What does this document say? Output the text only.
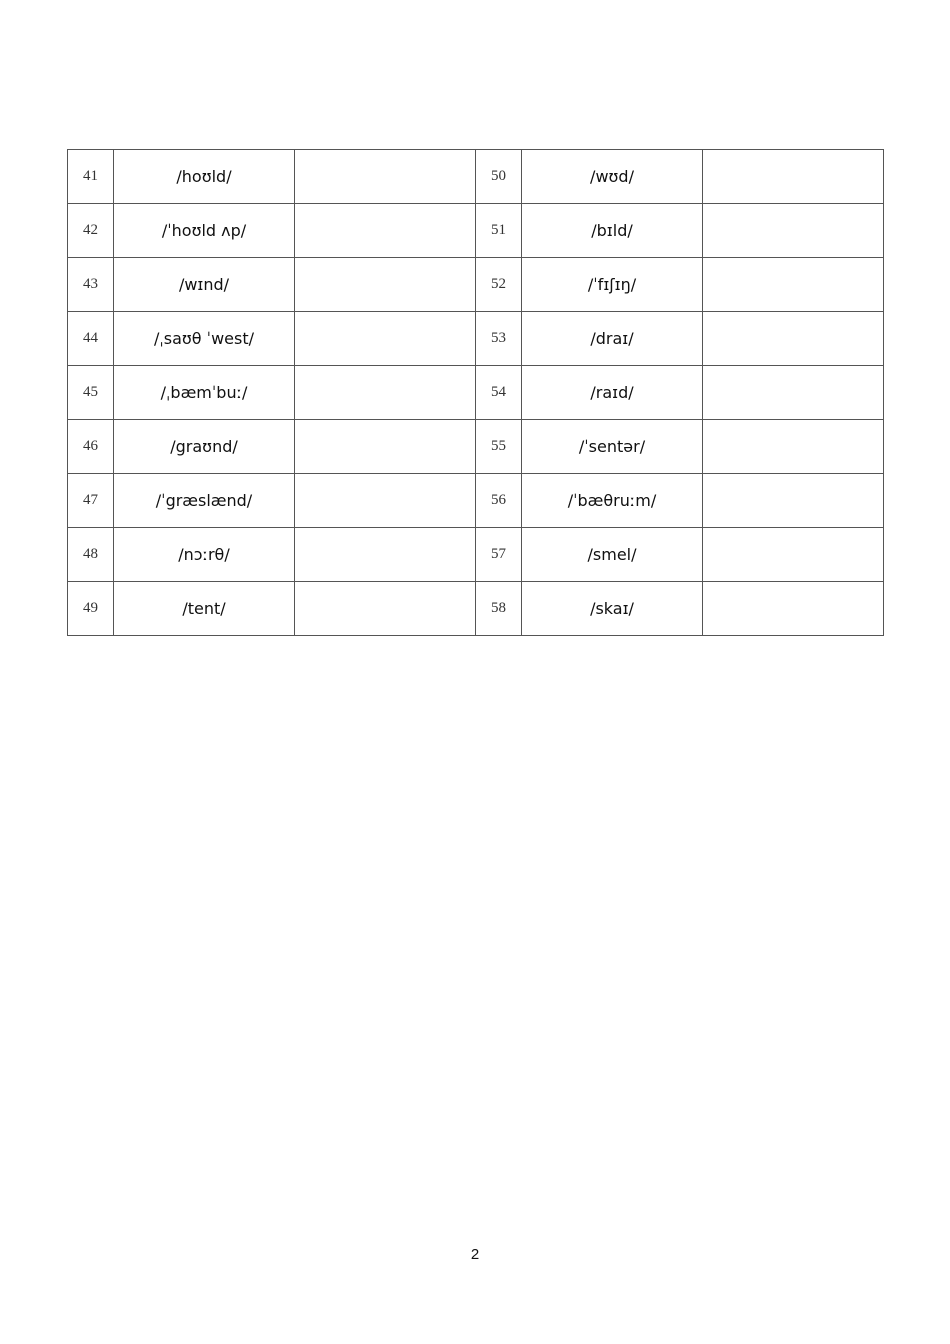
41	/hoʊld/		50	/wʊd/	
42	/ˈhoʊld ʌp/		51	/bɪld/	
43	/wɪnd/		52	/ˈfɪʃɪŋ/	
44	/ˌsaʊθ ˈwest/		53	/draɪ/	
45	/ˌbæmˈbuː/		54	/raɪd/	
46	/graʊnd/		55	/ˈsentər/	
47	/ˈgræslænd/		56	/ˈbæθruːm/	
48	/nɔːrθ/		57	/smel/	
49	/tent/		58	/skaɪ/	
2
